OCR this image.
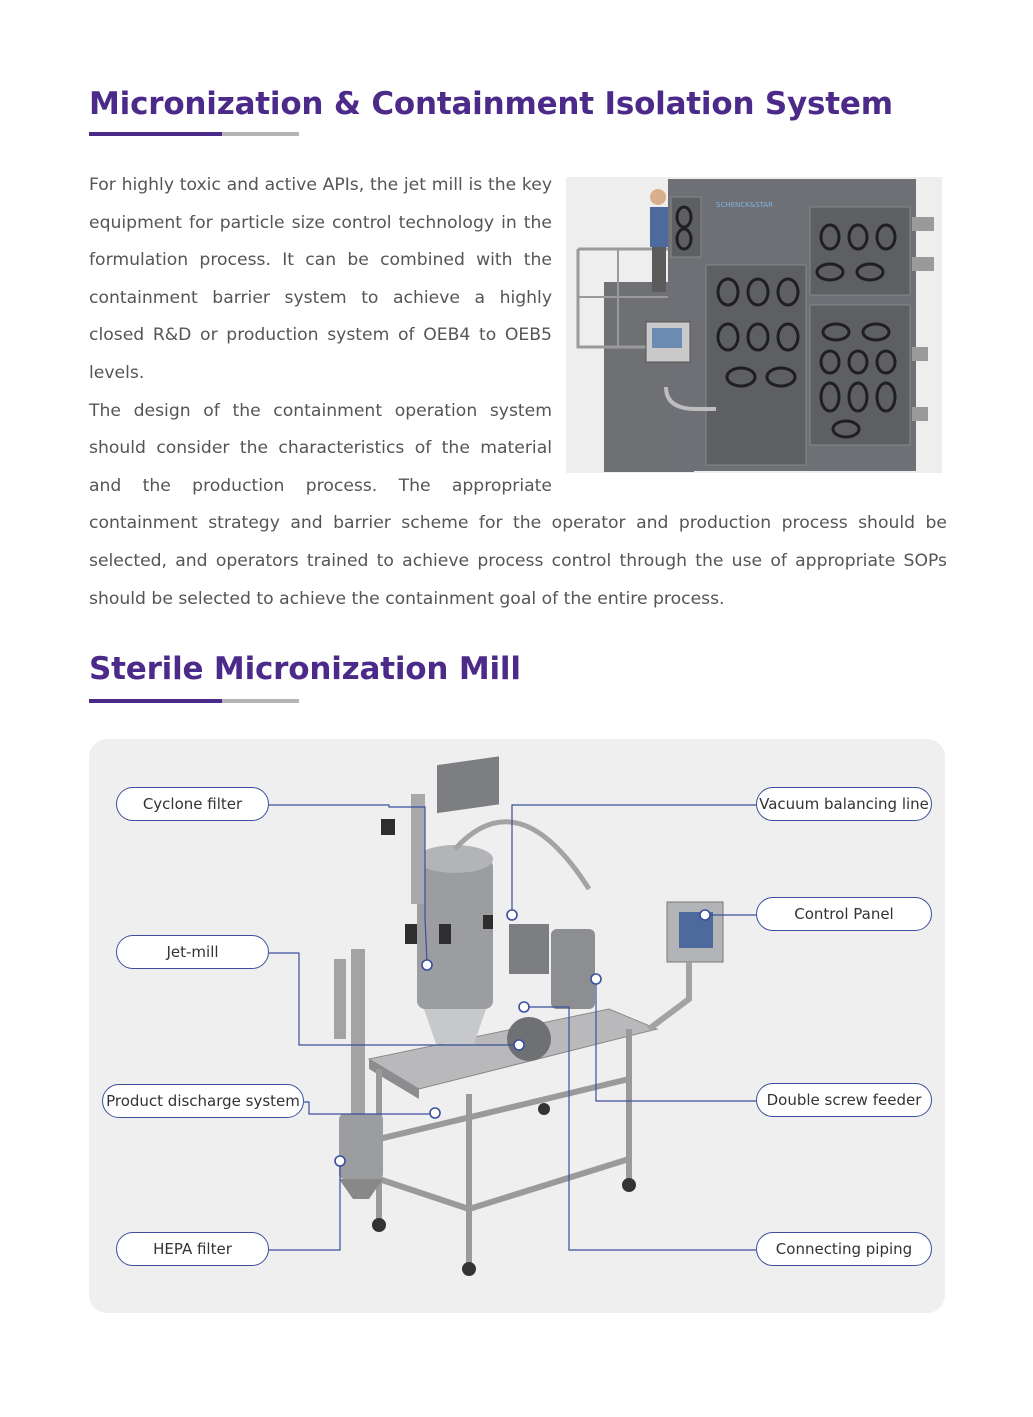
Micronization & Containment Isolation System
SCHENCK&STAR

For highly toxic and active APIs, the jet mill is the key equipment for particle size control technology in the formulation process. It can be combined with the containment barrier system to achieve a highly closed R&D or production system of OEB4 to OEB5 levels.

The design of the containment operation system should consider the characteristics of the material and the production process. The appropriate containment strategy and barrier scheme for the operator and production process should be selected, and operators trained to achieve process control through the use of appropriate SOPs should be selected to achieve the containment goal of the entire process.

Sterile Micronization Mill
Cyclone filter
Jet-mill
Product discharge system
HEPA filter
Vacuum balancing line
Control Panel
Double screw feeder
Connecting piping
